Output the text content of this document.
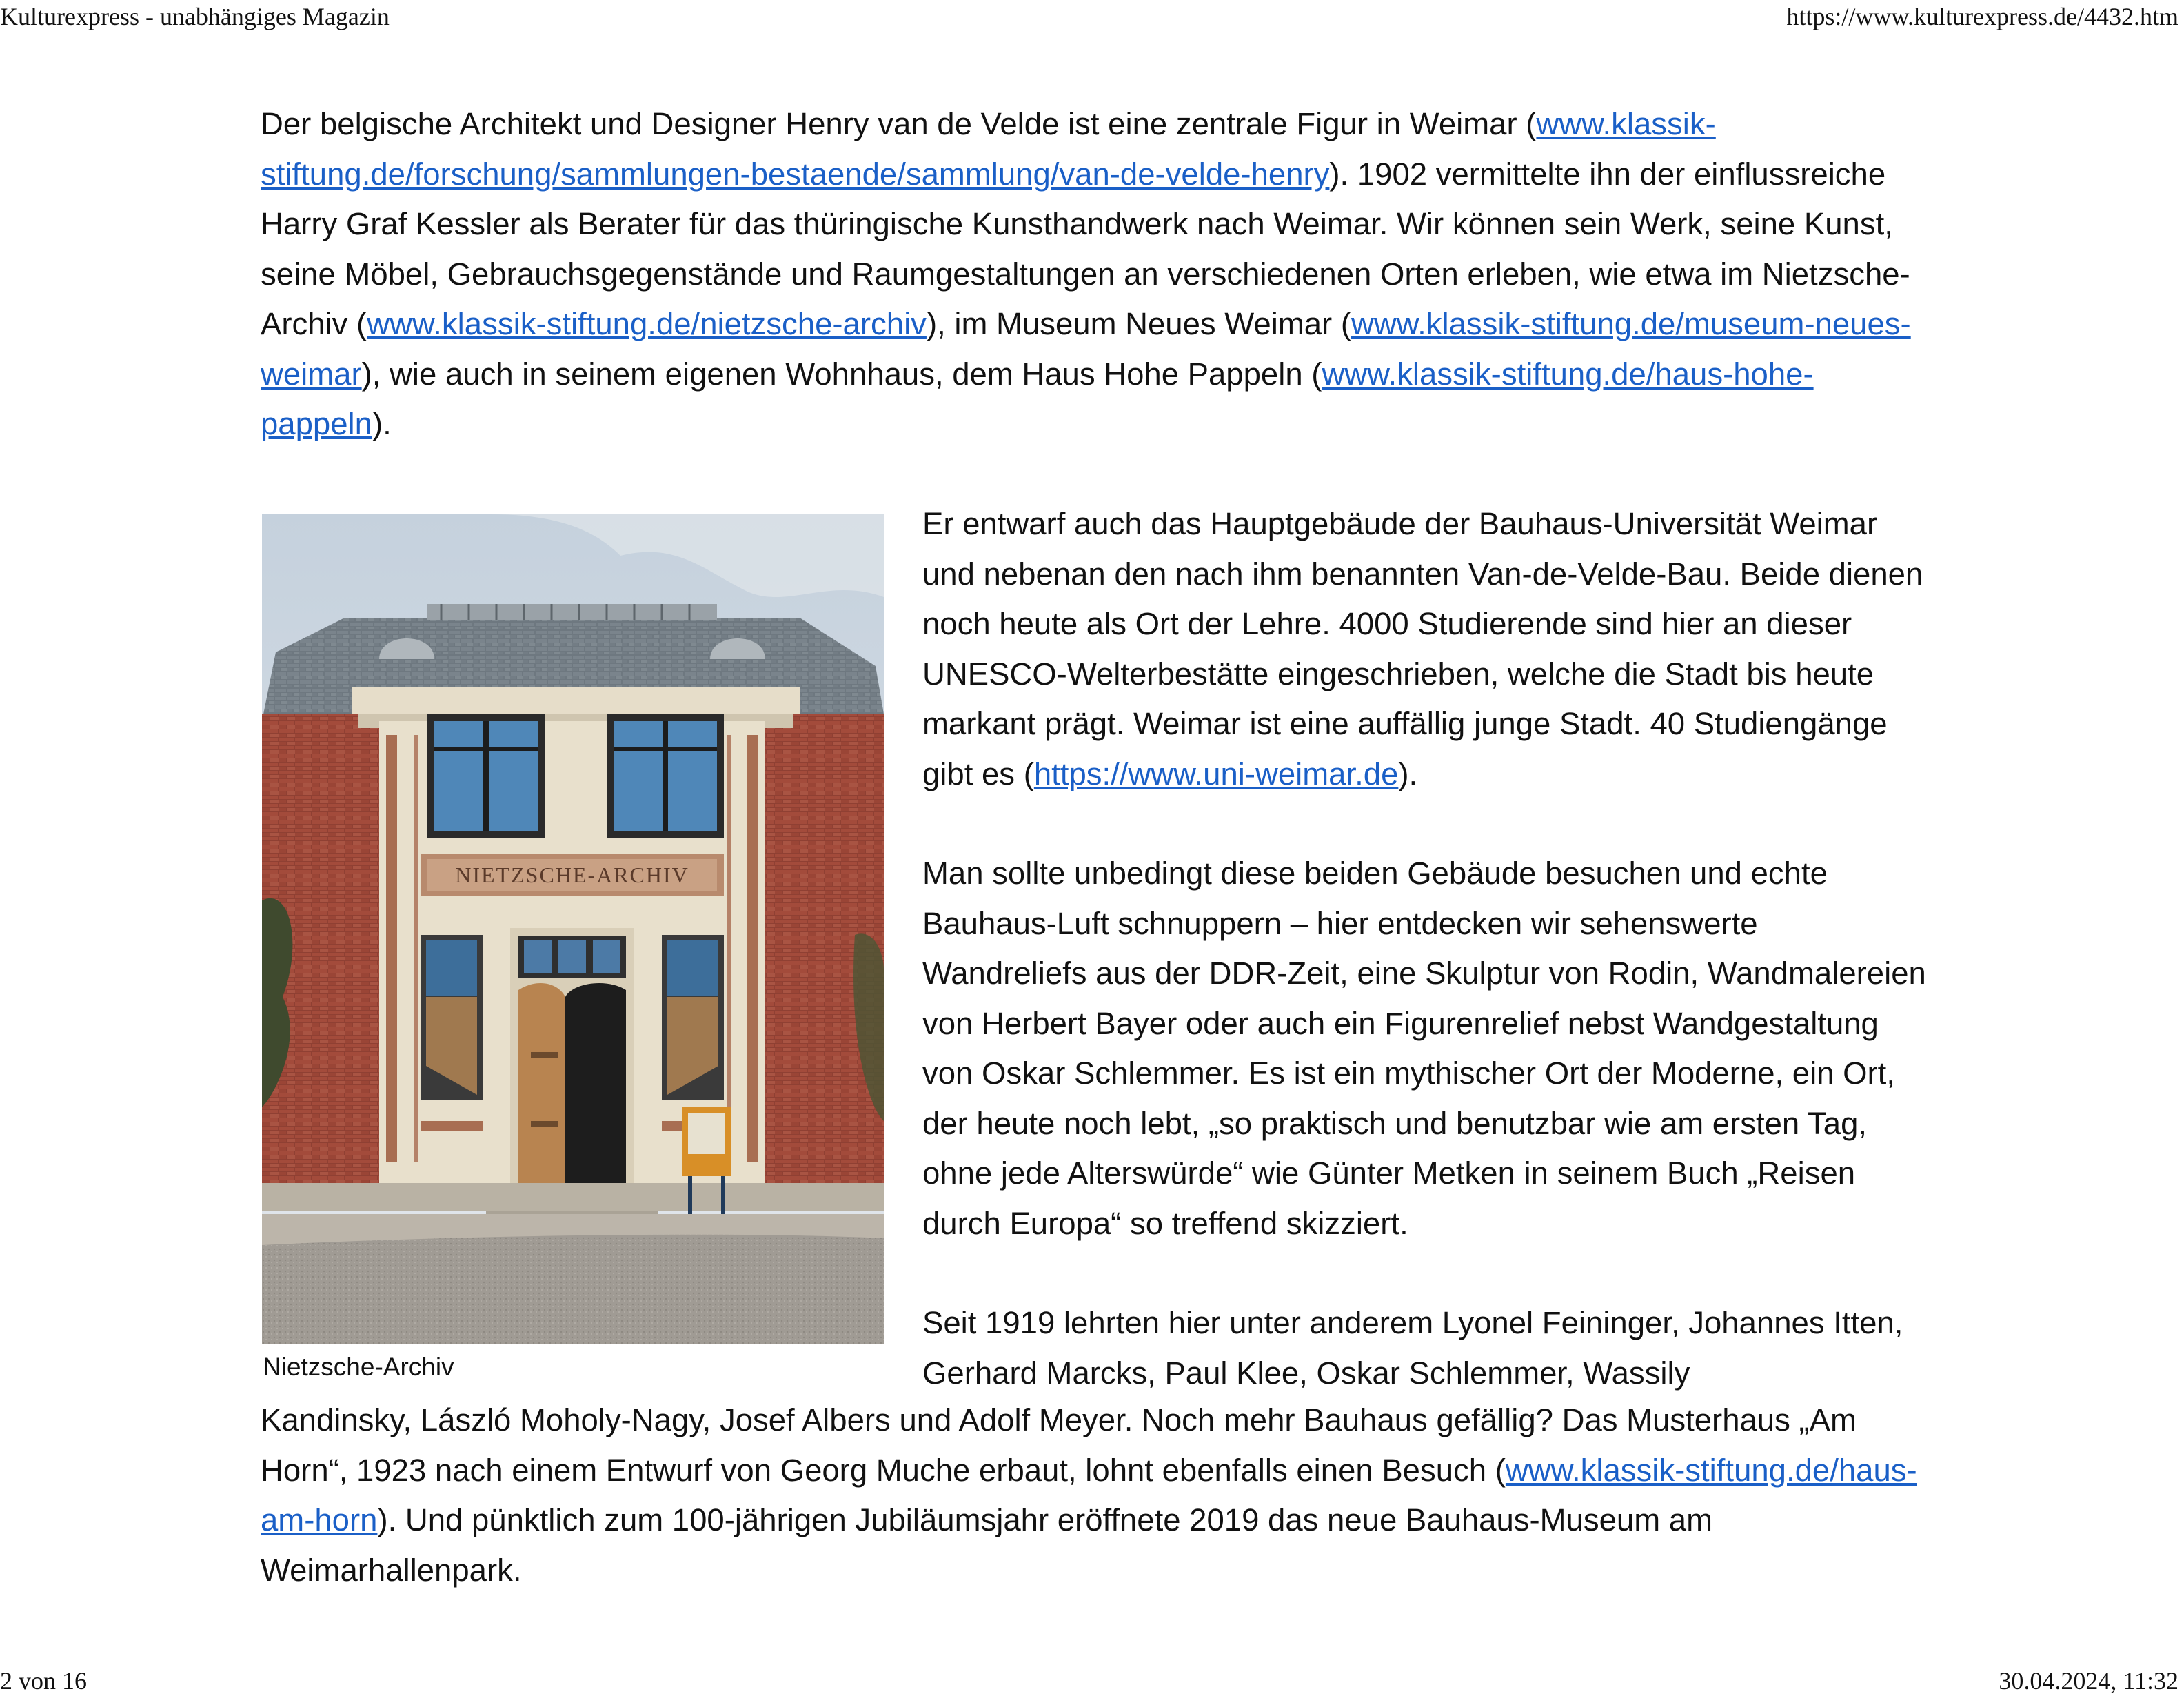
Kulturexpress - unabhängiges Magazin	https://www.kulturexpress.de/4432.htm

Der belgische Architekt und Designer Henry van de Velde ist eine zentrale Figur in Weimar (www.klassik-stiftung.de/forschung/sammlungen-bestaende/sammlung/van-de-velde-henry). 1902 vermittelte ihn der einflussreiche Harry Graf Kessler als Berater für das thüringische Kunsthandwerk nach Weimar. Wir können sein Werk, seine Kunst, seine Möbel, Gebrauchsgegenstände und Raumgestaltungen an verschiedenen Orten erleben, wie etwa im Nietzsche-Archiv (www.klassik-stiftung.de/nietzsche-archiv), im Museum Neues Weimar (www.klassik-stiftung.de/museum-neues-weimar), wie auch in seinem eigenen Wohnhaus, dem Haus Hohe Pappeln (www.klassik-stiftung.de/haus-hohe-pappeln).

NIETZSCHE-ARCHIV
Nietzsche-Archiv

Er entwarf auch das Hauptgebäude der Bauhaus-Universität Weimar und nebenan den nach ihm benannten Van-de-Velde-Bau. Beide dienen noch heute als Ort der Lehre. 4000 Studierende sind hier an dieser UNESCO-Welterbestätte eingeschrieben, welche die Stadt bis heute markant prägt. Weimar ist eine auffällig junge Stadt. 40 Studiengänge gibt es (https://www.uni-weimar.de).

Man sollte unbedingt diese beiden Gebäude besuchen und echte Bauhaus-Luft schnuppern – hier entdecken wir sehenswerte Wandreliefs aus der DDR-Zeit, eine Skulptur von Rodin, Wandmalereien von Herbert Bayer oder auch ein Figurenrelief nebst Wandgestaltung von Oskar Schlemmer. Es ist ein mythischer Ort der Moderne, ein Ort, der heute noch lebt, „so praktisch und benutzbar wie am ersten Tag, ohne jede Alterswürde“ wie Günter Metken in seinem Buch „Reisen durch Europa“ so treffend skizziert.

Seit 1919 lehrten hier unter anderem Lyonel Feininger, Johannes Itten, Gerhard Marcks, Paul Klee, Oskar Schlemmer, Wassily

Kandinsky, László Moholy-Nagy, Josef Albers und Adolf Meyer. Noch mehr Bauhaus gefällig? Das Musterhaus „Am Horn“, 1923 nach einem Entwurf von Georg Muche erbaut, lohnt ebenfalls einen Besuch (www.klassik-stiftung.de/haus-am-horn). Und pünktlich zum 100-jährigen Jubiläumsjahr eröffnete 2019 das neue Bauhaus-Museum am Weimarhallenpark.

2 von 16	30.04.2024, 11:32
